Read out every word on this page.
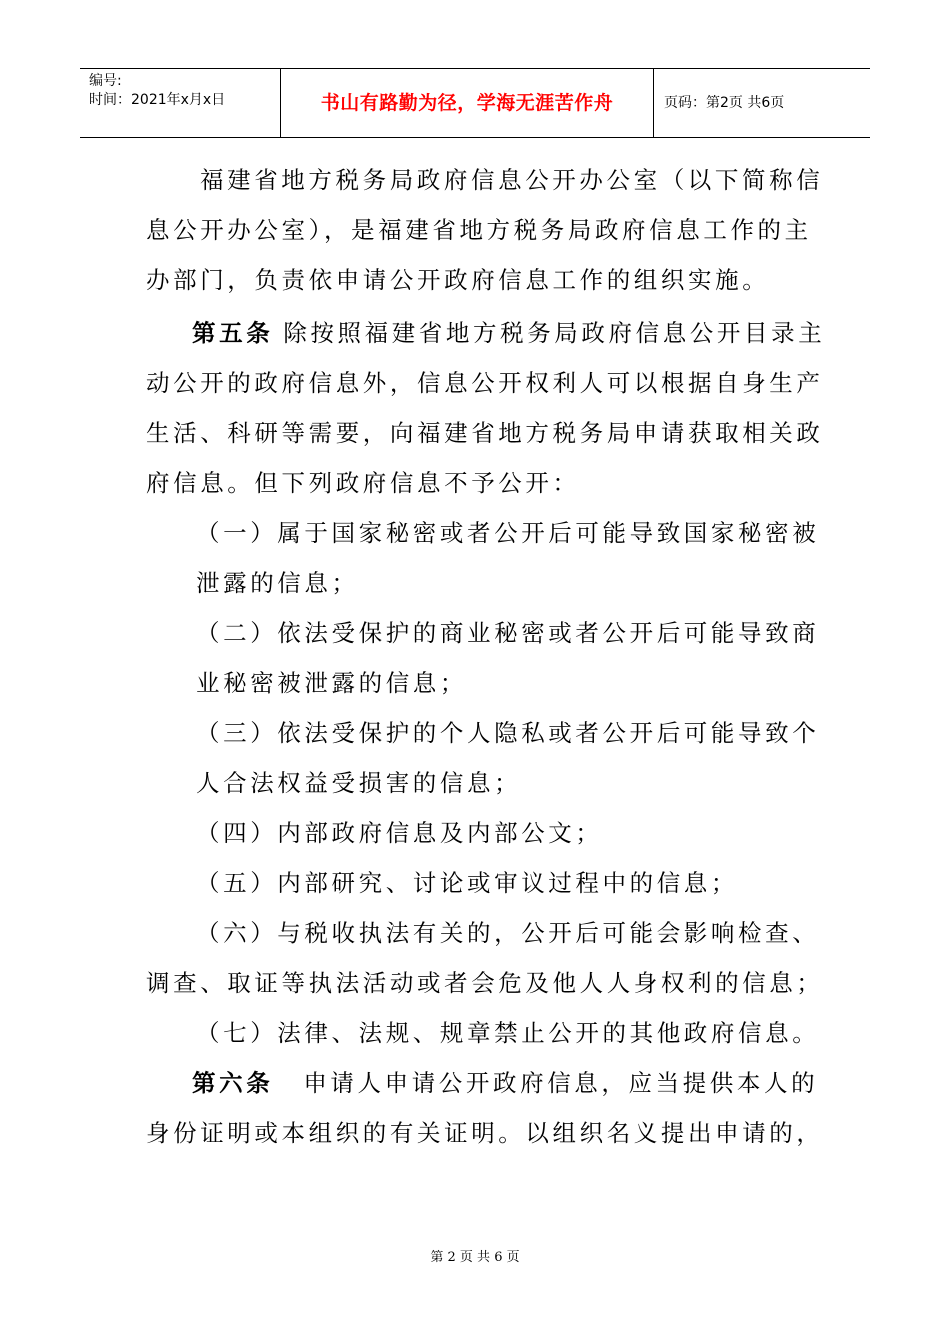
编号:
时间：2021年x月x日	书山有路勤为径，学海无涯苦作舟	页码：第2页 共6页
福建省地方税务局政府信息公开办公室（以下简称信
息公开办公室），是福建省地方税务局政府信息工作的主
办部门，负责依申请公开政府信息工作的组织实施。
第五条 除按照福建省地方税务局政府信息公开目录主
动公开的政府信息外，信息公开权利人可以根据自身生产
生活、科研等需要，向福建省地方税务局申请获取相关政
府信息。但下列政府信息不予公开：
（一）属于国家秘密或者公开后可能导致国家秘密被
泄露的信息；
（二）依法受保护的商业秘密或者公开后可能导致商
业秘密被泄露的信息；
（三）依法受保护的个人隐私或者公开后可能导致个
人合法权益受损害的信息；
（四）内部政府信息及内部公文；
（五）内部研究、讨论或审议过程中的信息；
（六）与税收执法有关的，公开后可能会影响检查、
调查、取证等执法活动或者会危及他人人身权利的信息；
（七）法律、法规、规章禁止公开的其他政府信息。
第六条 申请人申请公开政府信息，应当提供本人的
身份证明或本组织的有关证明。以组织名义提出申请的，
第 2 页 共 6 页
